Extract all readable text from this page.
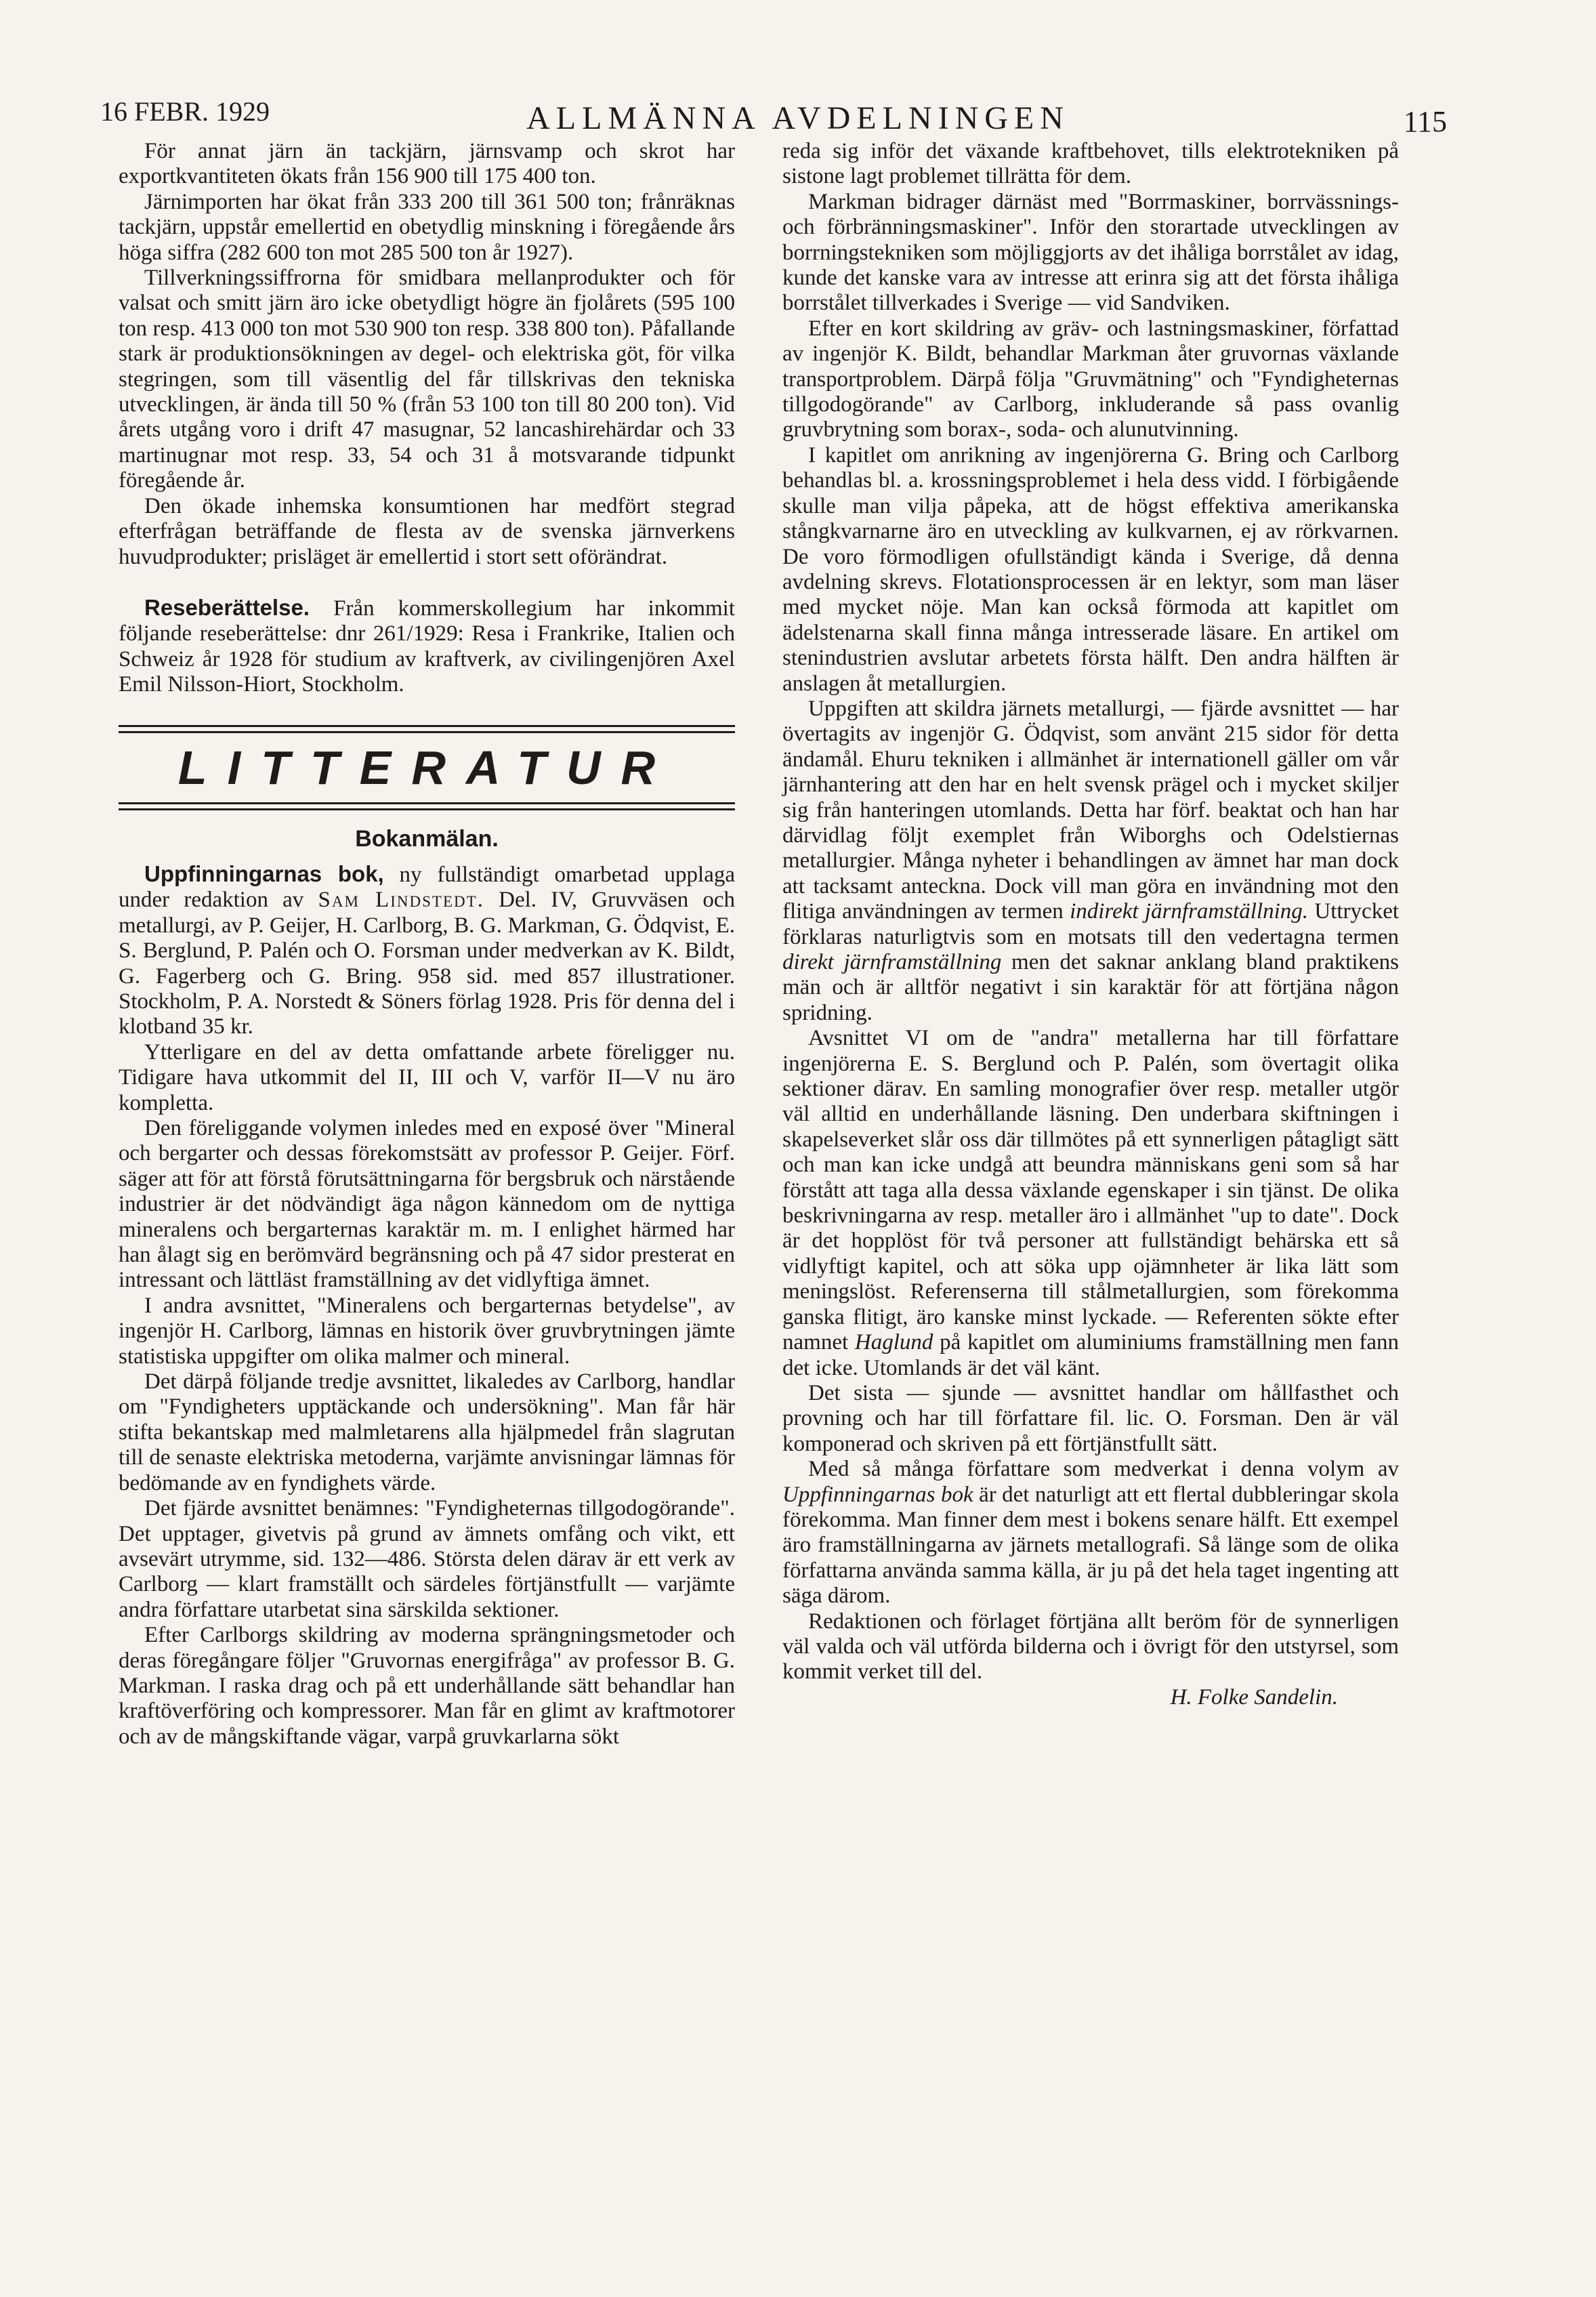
16 FEBR. 1929	ALLMÄNNA AVDELNINGEN	115

För annat järn än tackjärn, järnsvamp och skrot har exportkvantiteten ökats från 156 900 till 175 400 ton.

Järnimporten har ökat från 333 200 till 361 500 ton; frånräknas tackjärn, uppstår emellertid en obetydlig minskning i föregående års höga siffra (282 600 ton mot 285 500 ton år 1927).

Tillverkningssiffrorna för smidbara mellanprodukter och för valsat och smitt järn äro icke obetydligt högre än fjolårets (595 100 ton resp. 413 000 ton mot 530 900 ton resp. 338 800 ton). Påfallande stark är produktionsökningen av degel- och elektriska göt, för vilka stegringen, som till väsentlig del får tillskrivas den tekniska utvecklingen, är ända till 50 % (från 53 100 ton till 80 200 ton). Vid årets utgång voro i drift 47 masugnar, 52 lancashirehärdar och 33 martinugnar mot resp. 33, 54 och 31 å motsvarande tidpunkt föregående år.

Den ökade inhemska konsumtionen har medfört stegrad efterfrågan beträffande de flesta av de svenska järnverkens huvudprodukter; prisläget är emellertid i stort sett oförändrat.

Reseberättelse. Från kommerskollegium har inkommit följande reseberättelse: dnr 261/1929: Resa i Frankrike, Italien och Schweiz år 1928 för studium av kraftverk, av civilingenjören Axel Emil Nilsson-Hiort, Stockholm.

LITTERATUR
Bokanmälan.

Uppfinningarnas bok, ny fullständigt omarbetad upplaga under redaktion av Sam Lindstedt. Del. IV, Gruvväsen och metallurgi, av P. Geijer, H. Carlborg, B. G. Markman, G. Ödqvist, E. S. Berglund, P. Palén och O. Forsman under medverkan av K. Bildt, G. Fagerberg och G. Bring. 958 sid. med 857 illustrationer. Stockholm, P. A. Norstedt & Söners förlag 1928. Pris för denna del i klotband 35 kr.

Ytterligare en del av detta omfattande arbete föreligger nu. Tidigare hava utkommit del II, III och V, varför II—V nu äro kompletta.

Den föreliggande volymen inledes med en exposé över "Mineral och bergarter och dessas förekomstsätt av professor P. Geijer. Förf. säger att för att förstå förutsättningarna för bergsbruk och närstående industrier är det nödvändigt äga någon kännedom om de nyttiga mineralens och bergarternas karaktär m. m. I enlighet härmed har han ålagt sig en berömvärd begränsning och på 47 sidor presterat en intressant och lättläst framställning av det vidlyftiga ämnet.

I andra avsnittet, "Mineralens och bergarternas betydelse", av ingenjör H. Carlborg, lämnas en historik över gruvbrytningen jämte statistiska uppgifter om olika malmer och mineral.

Det därpå följande tredje avsnittet, likaledes av Carlborg, handlar om "Fyndigheters upptäckande och undersökning". Man får här stifta bekantskap med malmletarens alla hjälpmedel från slagrutan till de senaste elektriska metoderna, varjämte anvisningar lämnas för bedömande av en fyndighets värde.

Det fjärde avsnittet benämnes: "Fyndigheternas tillgodogörande". Det upptager, givetvis på grund av ämnets omfång och vikt, ett avsevärt utrymme, sid. 132—486. Största delen därav är ett verk av Carlborg — klart framställt och särdeles förtjänstfullt — varjämte andra författare utarbetat sina särskilda sektioner.

Efter Carlborgs skildring av moderna sprängningsmetoder och deras föregångare följer "Gruvornas energifråga" av professor B. G. Markman. I raska drag och på ett underhållande sätt behandlar han kraftöverföring och kompressorer. Man får en glimt av kraftmotorer och av de mångskiftande vägar, varpå gruvkarlarna sökt

reda sig inför det växande kraftbehovet, tills elektrotekniken på sistone lagt problemet tillrätta för dem.

Markman bidrager därnäst med "Borrmaskiner, borrvässnings- och förbränningsmaskiner". Inför den storartade utvecklingen av borrningstekniken som möjliggjorts av det ihåliga borrstålet av idag, kunde det kanske vara av intresse att erinra sig att det första ihåliga borrstålet tillverkades i Sverige — vid Sandviken.

Efter en kort skildring av gräv- och lastningsmaskiner, författad av ingenjör K. Bildt, behandlar Markman åter gruvornas växlande transportproblem. Därpå följa "Gruvmätning" och "Fyndigheternas tillgodogörande" av Carlborg, inkluderande så pass ovanlig gruvbrytning som borax-, soda- och alunutvinning.

I kapitlet om anrikning av ingenjörerna G. Bring och Carlborg behandlas bl. a. krossningsproblemet i hela dess vidd. I förbigående skulle man vilja påpeka, att de högst effektiva amerikanska stångkvarnarne äro en utveckling av kulkvarnen, ej av rörkvarnen. De voro förmodligen ofullständigt kända i Sverige, då denna avdelning skrevs. Flotationsprocessen är en lektyr, som man läser med mycket nöje. Man kan också förmoda att kapitlet om ädelstenarna skall finna många intresserade läsare. En artikel om stenindustrien avslutar arbetets första hälft. Den andra hälften är anslagen åt metallurgien.

Uppgiften att skildra järnets metallurgi, — fjärde avsnittet — har övertagits av ingenjör G. Ödqvist, som använt 215 sidor för detta ändamål. Ehuru tekniken i allmänhet är internationell gäller om vår järnhantering att den har en helt svensk prägel och i mycket skiljer sig från hanteringen utomlands. Detta har förf. beaktat och han har därvidlag följt exemplet från Wiborghs och Odelstiernas metallurgier. Många nyheter i behandlingen av ämnet har man dock att tacksamt anteckna. Dock vill man göra en invändning mot den flitiga användningen av termen indirekt järnframställning. Uttrycket förklaras naturligtvis som en motsats till den vedertagna termen direkt järnframställning men det saknar anklang bland praktikens män och är alltför negativt i sin karaktär för att förtjäna någon spridning.

Avsnittet VI om de "andra" metallerna har till författare ingenjörerna E. S. Berglund och P. Palén, som övertagit olika sektioner därav. En samling monografier över resp. metaller utgör väl alltid en underhållande läsning. Den underbara skiftningen i skapelseverket slår oss där tillmötes på ett synnerligen påtagligt sätt och man kan icke undgå att beundra människans geni som så har förstått att taga alla dessa växlande egenskaper i sin tjänst. De olika beskrivningarna av resp. metaller äro i allmänhet "up to date". Dock är det hopplöst för två personer att fullständigt behärska ett så vidlyftigt kapitel, och att söka upp ojämnheter är lika lätt som meningslöst. Referenserna till stålmetallurgien, som förekomma ganska flitigt, äro kanske minst lyckade. — Referenten sökte efter namnet Haglund på kapitlet om aluminiums framställning men fann det icke. Utomlands är det väl känt.

Det sista — sjunde — avsnittet handlar om hållfasthet och provning och har till författare fil. lic. O. Forsman. Den är väl komponerad och skriven på ett förtjänstfullt sätt.

Med så många författare som medverkat i denna volym av Uppfinningarnas bok är det naturligt att ett flertal dubbleringar skola förekomma. Man finner dem mest i bokens senare hälft. Ett exempel äro framställningarna av järnets metallografi. Så länge som de olika författarna använda samma källa, är ju på det hela taget ingenting att säga därom.

Redaktionen och förlaget förtjäna allt beröm för de synnerligen väl valda och väl utförda bilderna och i övrigt för den utstyrsel, som kommit verket till del.

H. Folke Sandelin.
